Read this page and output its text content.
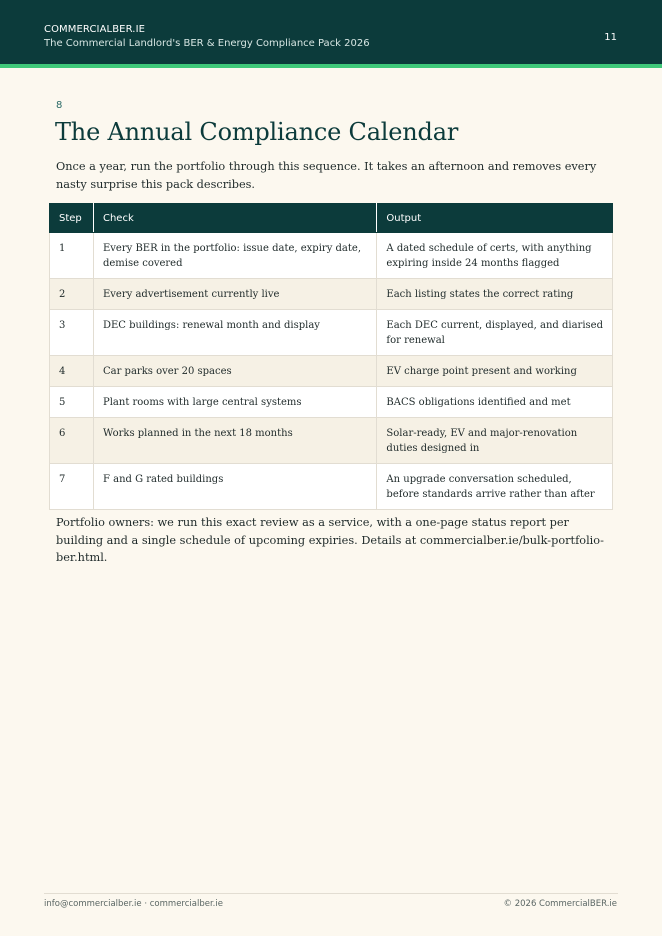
COMMERCIALBER.IE
The Commercial Landlord's BER & Energy Compliance Pack 2026
11
8
The Annual Compliance Calendar

Once a year, run the portfolio through this sequence. It takes an afternoon and removes every nasty surprise this pack describes.

Step	Check	Output
1	Every BER in the portfolio: issue date, expiry date, demise covered	A dated schedule of certs, with anything expiring inside 24 months flagged
2	Every advertisement currently live	Each listing states the correct rating
3	DEC buildings: renewal month and display	Each DEC current, displayed, and diarised for renewal
4	Car parks over 20 spaces	EV charge point present and working
5	Plant rooms with large central systems	BACS obligations identified and met
6	Works planned in the next 18 months	Solar-ready, EV and major-renovation duties designed in
7	F and G rated buildings	An upgrade conversation scheduled, before standards arrive rather than after

Portfolio owners: we run this exact review as a service, with a one-page status report per building and a single schedule of upcoming expiries. Details at commercialber.ie/bulk-portfolio-ber.html.

info@commercialber.ie · commercialber.ie	© 2026 CommercialBER.ie
